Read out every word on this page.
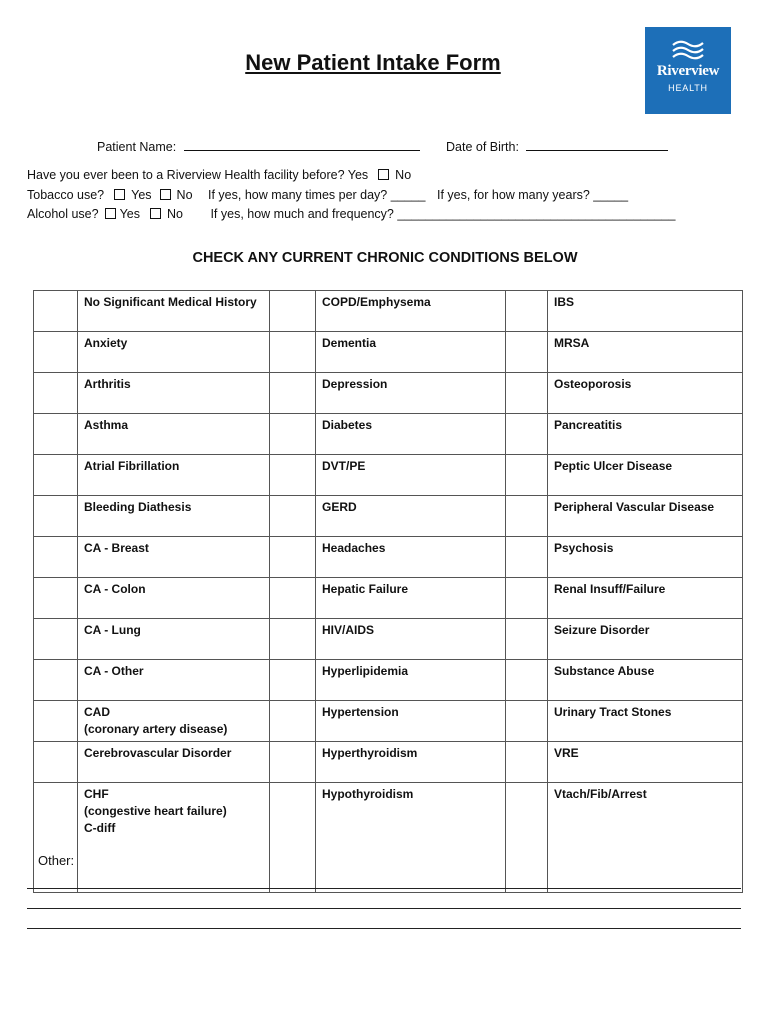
New Patient Intake Form	Riverview
HEALTH
Patient Name:	Date of Birth:
Have you ever been to a Riverview Health facility before? Yes No
Tobacco use? Yes No If yes, how many times per day? _____ If yes, for how many years? _____
Alcohol use? Yes No If yes, how much and frequency? ________________________________________
CHECK ANY CURRENT CHRONIC CONDITIONS BELOW

	No Significant Medical History		COPD/Emphysema		IBS

	Anxiety		Dementia		MRSA

	Arthritis		Depression		Osteoporosis

	Asthma		Diabetes		Pancreatitis

	Atrial Fibrillation		DVT/PE		Peptic Ulcer Disease

	Bleeding Diathesis		GERD		Peripheral Vascular Disease

	CA - Breast		Headaches		Psychosis

	CA - Colon		Hepatic Failure		Renal Insuff/Failure

	CA - Lung		HIV/AIDS		Seizure Disorder

	CA - Other		Hyperlipidemia		Substance Abuse

	CAD
(coronary artery disease)		Hypertension		Urinary Tract Stones

	Cerebrovascular Disorder		Hyperthyroidism		VRE

	CHF
(congestive heart failure)
C-diff		Hypothyroidism		Vtach/Fib/Arrest
Other:
